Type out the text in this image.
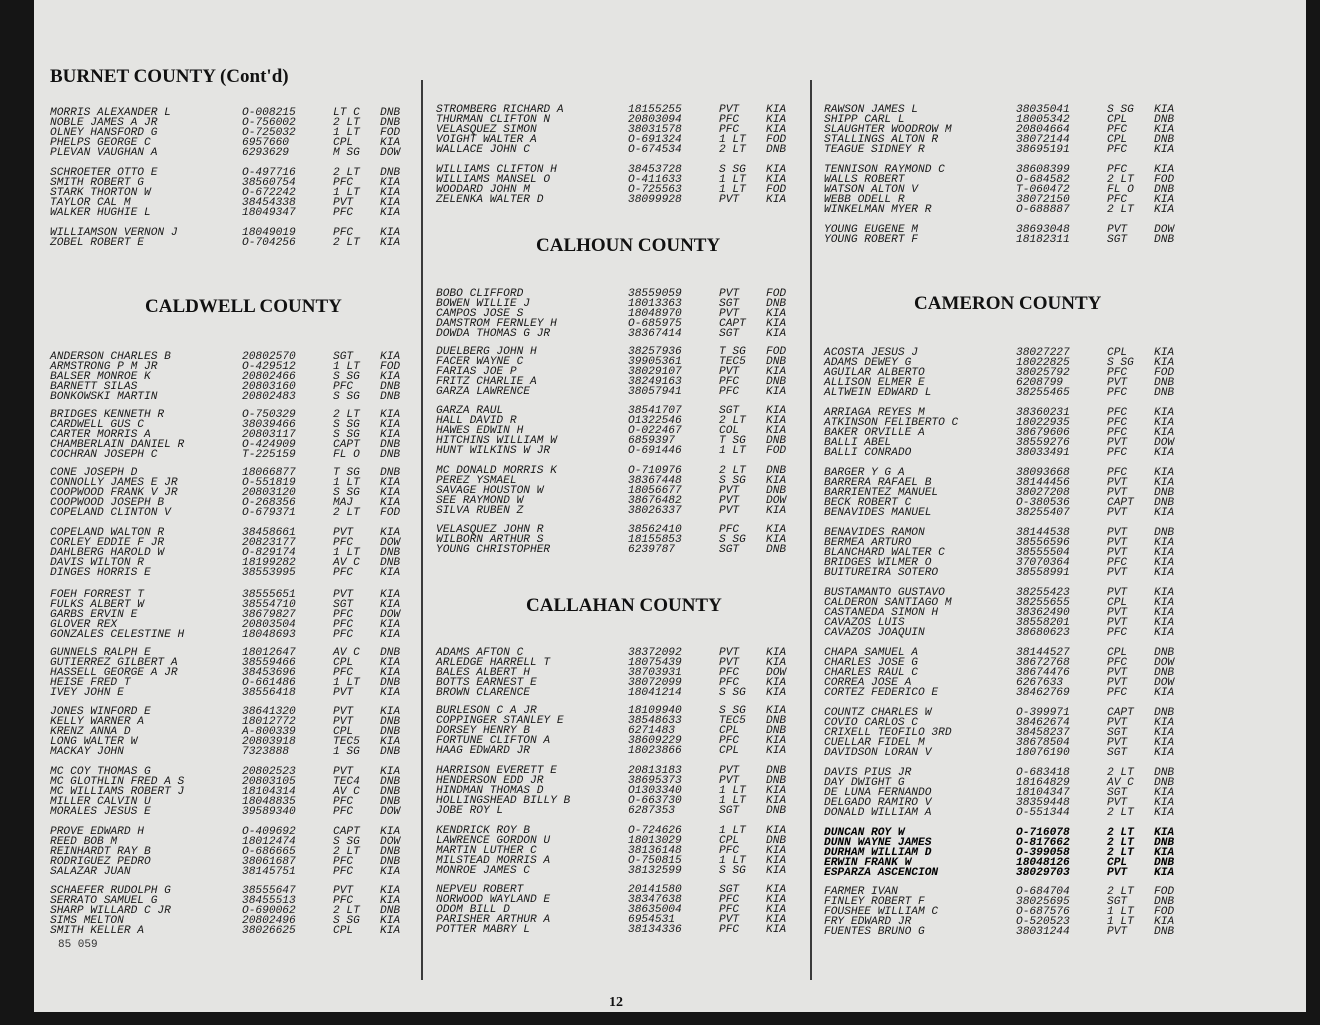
BURNET COUNTY (Cont'd)
MORRIS ALEXANDER L	O-008215	LT C DNB
NOBLE JAMES A JR	O-756002	2 LT DNB
OLNEY HANSFORD G	O-725032	1 LT FOD
PHELPS GEORGE C	6957660	CPL KIA
PLEVAN VAUGHAN A	6293629	M SG DOW
SCHROETER OTTO E	O-497716	2 LT DNB
SMITH ROBERT G	38560754	PFC KIA
STARK THORTON W	O-672242	1 LT KIA
TAYLOR CAL M	38454338	PVT KIA
WALKER HUGHIE L	18049347	PFC KIA
WILLIAMSON VERNON J	18049019	PFC KIA
ZOBEL ROBERT E	O-704256	2 LT KIA
CALDWELL COUNTY
ANDERSON CHARLES B	20802570	SGT KIA
ARMSTRONG P M JR	O-429512	1 LT FOD
BALSER MONROE K	20802466	S SG KIA
BARNETT SILAS	20803160	PFC DNB
BONKOWSKI MARTIN	20802483	S SG DNB
BRIDGES KENNETH R	O-750329	2 LT KIA
CARDWELL GUS C	38039466	S SG KIA
CARTER MORRIS A	20803117	S SG KIA
CHAMBERLAIN DANIEL R	O-424909	CAPT DNB
COCHRAN JOSEPH C	T-225159	FL O DNB
CONE JOSEPH D	18066877	T SG DNB
CONNOLLY JAMES E JR	O-551819	1 LT KIA
COOPWOOD FRANK V JR	20803120	S SG KIA
COOPWOOD JOSEPH B	O-268356	MAJ KIA
COPELAND CLINTON V	O-679371	2 LT FOD
COPELAND WALTON R	38458661	PVT KIA
CORLEY EDDIE F JR	20823177	PFC DOW
DAHLBERG HAROLD W	O-829174	1 LT DNB
DAVIS WILTON R	18199282	AV C DNB
DINGES HORRIS E	38553995	PFC KIA
FOEH FORREST T	38555651	PVT KIA
FULKS ALBERT W	38554710	SGT KIA
GARBS ERVIN E	38679827	PFC DOW
GLOVER REX	20803504	PFC KIA
GONZALES CELESTINE H	18048693	PFC KIA
GUNNELS RALPH E	18012647	AV C DNB
GUTIERREZ GILBERT A	38559466	CPL KIA
HASSELL GEORGE A JR	38453696	PFC KIA
HEISE FRED T	O-661486	1 LT DNB
IVEY JOHN E	38556418	PVT KIA
JONES WINFORD E	38641320	PVT KIA
KELLY WARNER A	18012772	PVT DNB
KRENZ ANNA D	A-800339	CPL DNB
LONG WALTER W	20803918	TEC5 KIA
MACKAY JOHN	7323888	1 SG DNB
MC COY THOMAS G	20802523	PVT KIA
MC GLOTHLIN FRED A S	20803105	TEC4 DNB
MC WILLIAMS ROBERT J	18104314	AV C DNB
MILLER CALVIN U	18048835	PFC DNB
MORALES JESUS E	39589340	PFC DOW
PROVE EDWARD H	O-409692	CAPT KIA
REED BOB M	18012474	S SG DOW
REINHARDT RAY B	O-686665	2 LT DNB
RODRIGUEZ PEDRO	38061687	PFC DNB
SALAZAR JUAN	38145751	PFC KIA
SCHAEFER RUDOLPH G	38555647	PVT KIA
SERRATO SAMUEL G	38455513	PFC KIA
SHARP WILLARD C JR	O-690062	2 LT DNB
SIMS MELTON	20802496	S SG KIA
SMITH KELLER A	38026625	CPL KIA
STROMBERG RICHARD A	18155255	PVT KIA
THURMAN CLIFTON N	20803094	PFC KIA
VELASQUEZ SIMON	38031578	PFC KIA
VOIGHT WALTER A	O-691324	1 LT FOD
WALLACE JOHN C	O-674534	2 LT DNB
WILLIAMS CLIFTON H	38453728	S SG KIA
WILLIAMS MANSEL O	O-411633	1 LT KIA
WOODARD JOHN M	O-725563	1 LT FOD
ZELENKA WALTER D	38099928	PVT KIA
CALHOUN COUNTY
BOBO CLIFFORD	38559059	PVT FOD
BOWEN WILLIE J	18013363	SGT DNB
CAMPOS JOSE S	18048970	PVT KIA
DAMSTROM FERNLEY H	O-685975	CAPT KIA
DOWDA THOMAS G JR	38367414	SGT KIA
DUELBERG JOHN H	38257936	T SG FOD
FACER WAYNE C	39905361	TEC5 DNB
FARIAS JOE P	38029107	PVT KIA
FRITZ CHARLIE A	38249163	PFC DNB
GARZA LAWRENCE	38057941	PFC KIA
GARZA RAUL	38541707	SGT KIA
HALL DAVID R	O1322546	2 LT KIA
HAWES EDWIN H	O-022467	COL KIA
HITCHINS WILLIAM W	6859397	T SG DNB
HUNT WILKINS W JR	O-691446	1 LT FOD
MC DONALD MORRIS K	O-710976	2 LT DNB
PEREZ YSMAEL	38367448	S SG KIA
SAVAGE HOUSTON W	18056677	PVT DNB
SEE RAYMOND W	38676482	PVT DOW
SILVA RUBEN Z	38026337	PVT KIA
VELASQUEZ JOHN R	38562410	PFC KIA
WILBORN ARTHUR S	18155853	S SG KIA
YOUNG CHRISTOPHER	6239787	SGT DNB
CALLAHAN COUNTY
ADAMS AFTON C	38372092	PVT KIA
ARLEDGE HARRELL T	18075439	PVT KIA
BALES ALBERT H	38703931	PFC DOW
BOTTS EARNEST E	38072099	PFC KIA
BROWN CLARENCE	18041214	S SG KIA
BURLESON C A JR	18109940	S SG KIA
COPPINGER STANLEY E	38548633	TEC5 DNB
DORSEY HENRY B	6271483	CPL DNB
FORTUNE CLIFTON A	38609229	PFC KIA
HAAG EDWARD JR	18023866	CPL KIA
HARRISON EVERETT E	20813183	PVT DNB
HENDERSON EDD JR	38695373	PVT DNB
HINDMAN THOMAS D	O1303340	1 LT KIA
HOLLINGSHEAD BILLY B	O-663730	1 LT KIA
JOBE ROY L	6287353	SGT DNB
KENDRICK ROY B	O-724626	1 LT KIA
LAWRENCE GORDON U	18013029	CPL DNB
MARTIN LUTHER C	38136148	PFC KIA
MILSTEAD MORRIS A	O-750815	1 LT KIA
MONROE JAMES C	38132599	S SG KIA
NEPVEU ROBERT	20141580	SGT KIA
NORWOOD WAYLAND E	38347638	PFC KIA
ODOM BILL D	38635004	PFC KIA
PARISHER ARTHUR A	6954531	PVT KIA
POTTER MABRY L	38134336	PFC KIA
RAWSON JAMES L	38035041	S SG KIA
SHIPP CARL L	18005342	CPL DNB
SLAUGHTER WOODROW M	20804664	PFC KIA
STALLINGS ALTON R	38072144	CPL DNB
TEAGUE SIDNEY R	38695191	PFC KIA
TENNISON RAYMOND C	38608399	PFC KIA
WALLS ROBERT	O-684582	2 LT FOD
WATSON ALTON V	T-060472	FL O DNB
WEBB ODELL R	38072150	PFC KIA
WINKELMAN MYER R	O-688887	2 LT KIA
YOUNG EUGENE M	38693048	PVT DOW
YOUNG ROBERT F	18182311	SGT DNB
CAMERON COUNTY
ACOSTA JESUS J	38027227	CPL KIA
ADAMS DEWEY G	18022825	S SG KIA
AGUILAR ALBERTO	38025792	PFC FOD
ALLISON ELMER E	6208799	PVT DNB
ALTWEIN EDWARD L	38255465	PFC DNB
ARRIAGA REYES M	38360231	PFC KIA
ATKINSON FELIBERTO C	18022935	PFC KIA
BAKER ORVILLE A	38679606	PFC KIA
BALLI ABEL	38559276	PVT DOW
BALLI CONRADO	38033491	PFC KIA
BARGER Y G A	38093668	PFC KIA
BARRERA RAFAEL B	38144456	PVT KIA
BARRIENTEZ MANUEL	38027208	PVT DNB
BECK ROBERT C	O-380536	CAPT DNB
BENAVIDES MANUEL	38255407	PVT KIA
BENAVIDES RAMON	38144538	PVT DNB
BERMEA ARTURO	38556596	PVT KIA
BLANCHARD WALTER C	38555504	PVT KIA
BRIDGES WILMER O	37070364	PFC KIA
BUITUREIRA SOTERO	38558991	PVT KIA
BUSTAMANTO GUSTAVO	38255423	PVT KIA
CALDERON SANTIAGO M	38255655	CPL KIA
CASTANEDA SIMON H	38362490	PVT KIA
CAVAZOS LUIS	38558201	PVT KIA
CAVAZOS JOAQUIN	38680623	PFC KIA
CHAPA SAMUEL A	38144527	CPL DNB
CHARLES JOSE G	38672768	PFC DOW
CHARLES RAUL C	38674476	PVT DNB
CORREA JOSE A	6267633	PVT DOW
CORTEZ FEDERICO E	38462769	PFC KIA
COUNTZ CHARLES W	O-399971	CAPT DNB
COVIO CARLOS C	38462674	PVT KIA
CRIXELL TEOFILO 3RD	38458237	SGT KIA
CUELLAR FIDEL M	38678504	PVT KIA
DAVIDSON LORAN V	18076190	SGT KIA
DAVIS PIUS JR	O-683418	2 LT DNB
DAY DWIGHT G	18164829	AV C DNB
DE LUNA FERNANDO	18104347	SGT KIA
DELGADO RAMIRO V	38359448	PVT KIA
DONALD WILLIAM A	O-551344	2 LT KIA
DUNCAN ROY W	O-716078	2 LT KIA
DUNN WAYNE JAMES	O-817662	2 LT DNB
DURHAM WILLIAM D	O-399058	2 LT KIA
ERWIN FRANK W	18048126	CPL DNB
ESPARZA ASCENCION	38029703	PVT KIA
FARMER IVAN	O-684704	2 LT FOD
FINLEY ROBERT F	38025695	SGT DNB
FOUSHEE WILLIAM C	O-687576	1 LT FOD
FRY EDWARD JR	O-520523	1 LT KIA
FUENTES BRUNO G	38031244	PVT DNB
85 059
12
